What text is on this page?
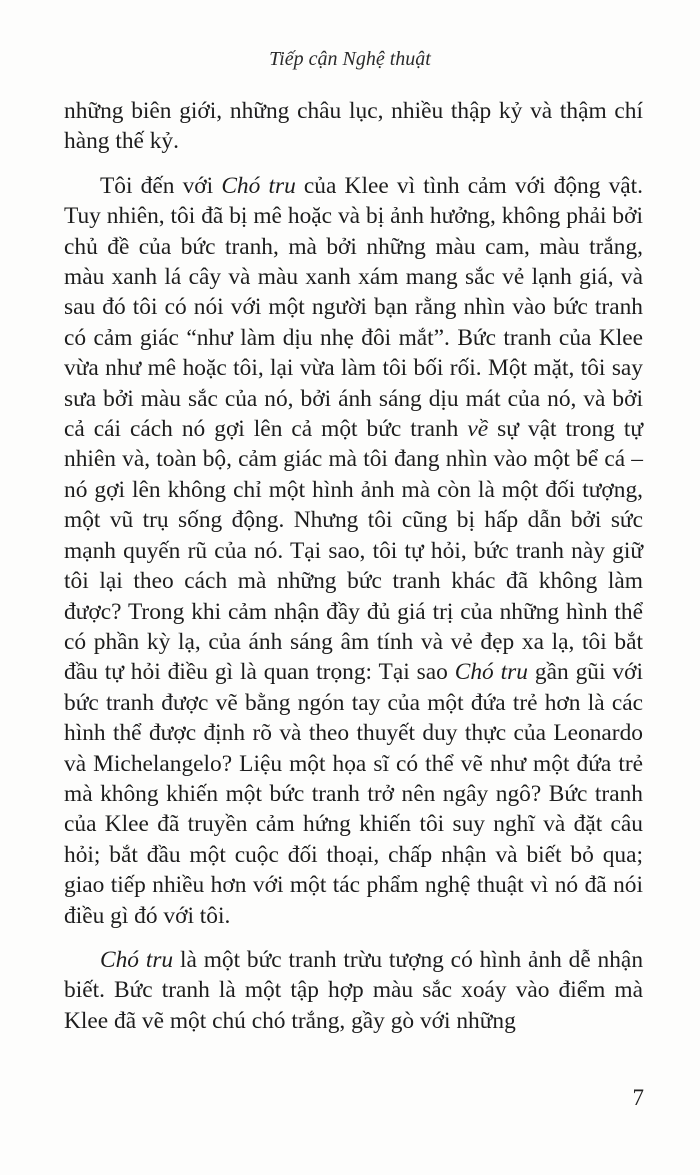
Tiếp cận Nghệ thuật

những biên giới, những châu lục, nhiều thập kỷ và thậm chí hàng thế kỷ.

Tôi đến với Chó tru của Klee vì tình cảm với động vật. Tuy nhiên, tôi đã bị mê hoặc và bị ảnh hưởng, không phải bởi chủ đề của bức tranh, mà bởi những màu cam, màu trắng, màu xanh lá cây và màu xanh xám mang sắc vẻ lạnh giá, và sau đó tôi có nói với một người bạn rằng nhìn vào bức tranh có cảm giác “như làm dịu nhẹ đôi mắt”. Bức tranh của Klee vừa như mê hoặc tôi, lại vừa làm tôi bối rối. Một mặt, tôi say sưa bởi màu sắc của nó, bởi ánh sáng dịu mát của nó, và bởi cả cái cách nó gợi lên cả một bức tranh về sự vật trong tự nhiên và, toàn bộ, cảm giác mà tôi đang nhìn vào một bể cá – nó gợi lên không chỉ một hình ảnh mà còn là một đối tượng, một vũ trụ sống động. Nhưng tôi cũng bị hấp dẫn bởi sức mạnh quyến rũ của nó. Tại sao, tôi tự hỏi, bức tranh này giữ tôi lại theo cách mà những bức tranh khác đã không làm được? Trong khi cảm nhận đầy đủ giá trị của những hình thể có phần kỳ lạ, của ánh sáng âm tính và vẻ đẹp xa lạ, tôi bắt đầu tự hỏi điều gì là quan trọng: Tại sao Chó tru gần gũi với bức tranh được vẽ bằng ngón tay của một đứa trẻ hơn là các hình thể được định rõ và theo thuyết duy thực của Leonardo và Michelangelo? Liệu một họa sĩ có thể vẽ như một đứa trẻ mà không khiến một bức tranh trở nên ngây ngô? Bức tranh của Klee đã truyền cảm hứng khiến tôi suy nghĩ và đặt câu hỏi; bắt đầu một cuộc đối thoại, chấp nhận và biết bỏ qua; giao tiếp nhiều hơn với một tác phẩm nghệ thuật vì nó đã nói điều gì đó với tôi.

Chó tru là một bức tranh trừu tượng có hình ảnh dễ nhận biết. Bức tranh là một tập hợp màu sắc xoáy vào điểm mà Klee đã vẽ một chú chó trắng, gầy gò với những

7
